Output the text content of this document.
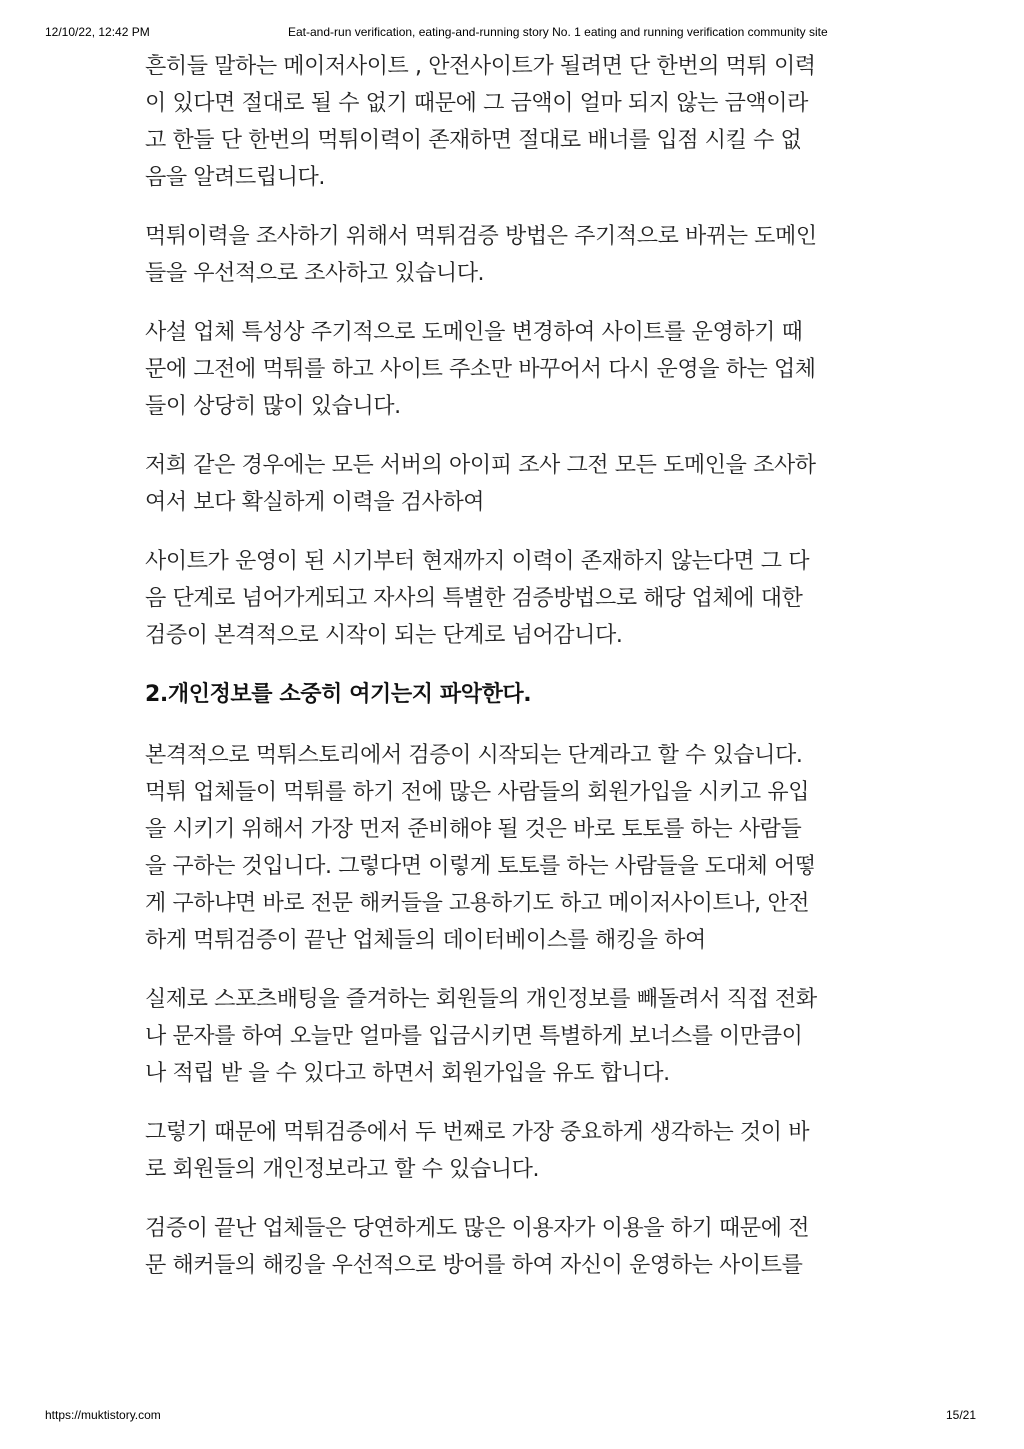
12/10/22, 12:42 PM	Eat-and-run verification, eating-and-running story No. 1 eating and running verification community site

흔히들 말하는 메이저사이트 , 안전사이트가 될려면 단 한번의 먹튀 이력
이 있다면 절대로 될 수 없기 때문에 그 금액이 얼마 되지 않는 금액이라
고 한들 단 한번의 먹튀이력이 존재하면 절대로 배너를 입점 시킬 수 없
음을 알려드립니다.

먹튀이력을 조사하기 위해서 먹튀검증 방법은 주기적으로 바뀌는 도메인
들을 우선적으로 조사하고 있습니다.

사설 업체 특성상 주기적으로 도메인을 변경하여 사이트를 운영하기 때
문에 그전에 먹튀를 하고 사이트 주소만 바꾸어서 다시 운영을 하는 업체
들이 상당히 많이 있습니다.

저희 같은 경우에는 모든 서버의 아이피 조사 그전 모든 도메인을 조사하
여서 보다 확실하게 이력을 검사하여

사이트가 운영이 된 시기부터 현재까지 이력이 존재하지 않는다면 그 다
음 단계로 넘어가게되고 자사의 특별한 검증방법으로 해당 업체에 대한
검증이 본격적으로 시작이 되는 단계로 넘어감니다.

2.개인정보를 소중히 여기는지 파악한다.

본격적으로 먹튀스토리에서 검증이 시작되는 단계라고 할 수 있습니다.
먹튀 업체들이 먹튀를 하기 전에 많은 사람들의 회원가입을 시키고 유입
을 시키기 위해서 가장 먼저 준비해야 될 것은 바로 토토를 하는 사람들
을 구하는 것입니다. 그렇다면 이렇게 토토를 하는 사람들을 도대체 어떻
게 구하냐면 바로 전문 해커들을 고용하기도 하고 메이저사이트나, 안전
하게 먹튀검증이 끝난 업체들의 데이터베이스를 해킹을 하여

실제로 스포츠배팅을 즐겨하는 회원들의 개인정보를 빼돌려서 직접 전화
나 문자를 하여 오늘만 얼마를 입금시키면 특별하게 보너스를 이만큼이
나 적립 받 을 수 있다고 하면서 회원가입을 유도 합니다.

그렇기 때문에 먹튀검증에서 두 번째로 가장 중요하게 생각하는 것이 바
로 회원들의 개인정보라고 할 수 있습니다.

검증이 끝난 업체들은 당연하게도 많은 이용자가 이용을 하기 때문에 전
문 해커들의 해킹을 우선적으로 방어를 하여 자신이 운영하는 사이트를

https://muktistory.com	15/21
